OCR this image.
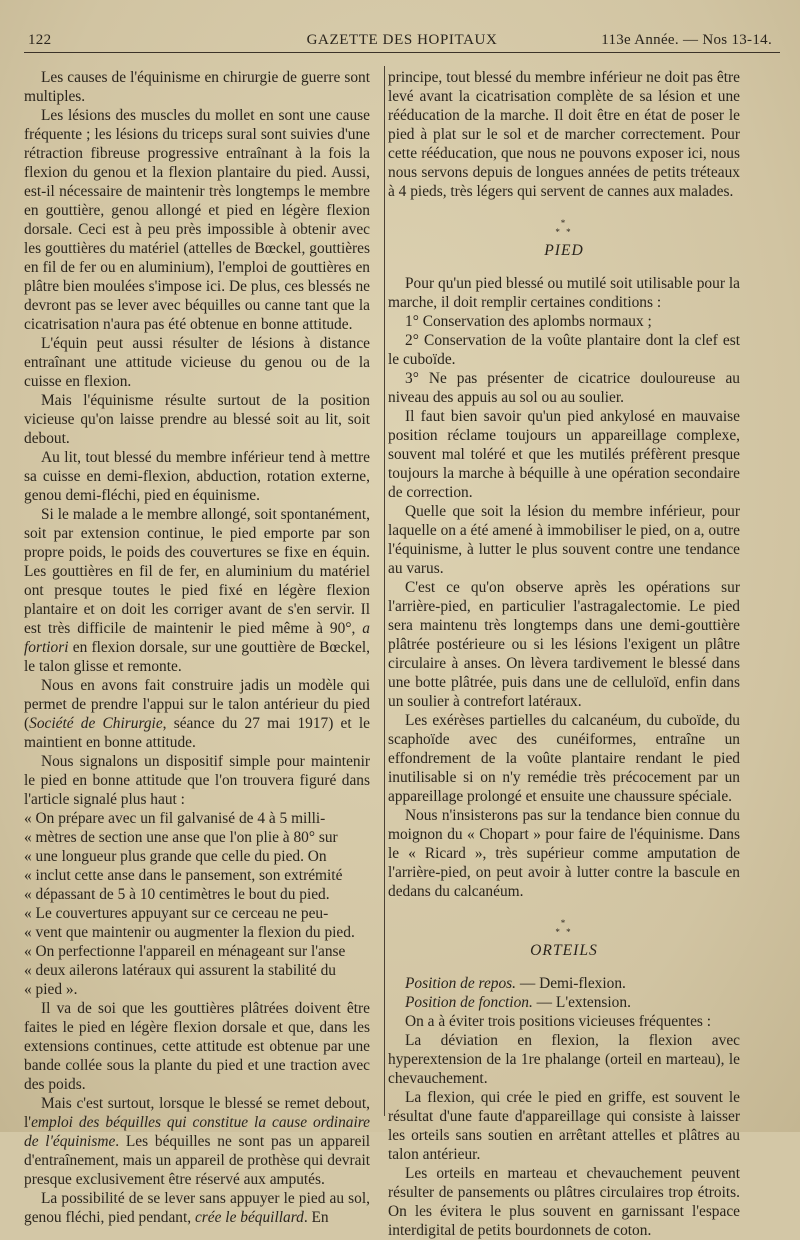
122	GAZETTE DES HOPITAUX	113e Année. — Nos 13-14.

Les causes de l'équinisme en chirurgie de guerre sont multiples.

Les lésions des muscles du mollet en sont une cause fréquente ; les lésions du triceps sural sont suivies d'une rétraction fibreuse progressive entraînant à la fois la flexion du genou et la flexion plantaire du pied. Aussi, est-il nécessaire de maintenir très longtemps le membre en gouttière, genou allongé et pied en légère flexion dorsale. Ceci est à peu près impossible à obtenir avec les gouttières du matériel (attelles de Bœckel, gouttières en fil de fer ou en aluminium), l'emploi de gouttières en plâtre bien moulées s'impose ici. De plus, ces blessés ne devront pas se lever avec béquilles ou canne tant que la cicatrisation n'aura pas été obtenue en bonne attitude.

L'équin peut aussi résulter de lésions à distance entraînant une attitude vicieuse du genou ou de la cuisse en flexion.

Mais l'équinisme résulte surtout de la position vicieuse qu'on laisse prendre au blessé soit au lit, soit debout.

Au lit, tout blessé du membre inférieur tend à mettre sa cuisse en demi-flexion, abduction, rotation externe, genou demi-fléchi, pied en équinisme.

Si le malade a le membre allongé, soit spontanément, soit par extension continue, le pied emporte par son propre poids, le poids des couvertures se fixe en équin. Les gouttières en fil de fer, en aluminium du matériel ont presque toutes le pied fixé en légère flexion plantaire et on doit les corriger avant de s'en servir. Il est très difficile de maintenir le pied même à 90°, a fortiori en flexion dorsale, sur une gouttière de Bœckel, le talon glisse et remonte.

Nous en avons fait construire jadis un modèle qui permet de prendre l'appui sur le talon antérieur du pied (Société de Chirurgie, séance du 27 mai 1917) et le maintient en bonne attitude.

Nous signalons un dispositif simple pour maintenir le pied en bonne attitude que l'on trouvera figuré dans l'article signalé plus haut :

« On prépare avec un fil galvanisé de 4 à 5 milli-

« mètres de section une anse que l'on plie à 80° sur

« une longueur plus grande que celle du pied. On

« inclut cette anse dans le pansement, son extrémité

« dépassant de 5 à 10 centimètres le bout du pied.

« Le couvertures appuyant sur ce cerceau ne peu-

« vent que maintenir ou augmenter la flexion du pied.

« On perfectionne l'appareil en ménageant sur l'anse

« deux ailerons latéraux qui assurent la stabilité du

« pied ».

Il va de soi que les gouttières plâtrées doivent être faites le pied en légère flexion dorsale et que, dans les extensions continues, cette attitude est obtenue par une bande collée sous la plante du pied et une traction avec des poids.

Mais c'est surtout, lorsque le blessé se remet debout, l'emploi des béquilles qui constitue la cause ordinaire de l'équinisme. Les béquilles ne sont pas un appareil d'entraînement, mais un appareil de prothèse qui devrait presque exclusivement être réservé aux amputés.

La possibilité de se lever sans appuyer le pied au sol, genou fléchi, pied pendant, crée le béquillard. En

principe, tout blessé du membre inférieur ne doit pas être levé avant la cicatrisation complète de sa lésion et une rééducation de la marche. Il doit être en état de poser le pied à plat sur le sol et de marcher correctement. Pour cette rééducation, que nous ne pouvons exposer ici, nous nous servons depuis de longues années de petits tréteaux à 4 pieds, très légers qui servent de cannes aux malades.

*
* *
PIED

Pour qu'un pied blessé ou mutilé soit utilisable pour la marche, il doit remplir certaines conditions :

1° Conservation des aplombs normaux ;

2° Conservation de la voûte plantaire dont la clef est le cuboïde.

3° Ne pas présenter de cicatrice douloureuse au niveau des appuis au sol ou au soulier.

Il faut bien savoir qu'un pied ankylosé en mauvaise position réclame toujours un appareillage complexe, souvent mal toléré et que les mutilés préfèrent presque toujours la marche à béquille à une opération secondaire de correction.

Quelle que soit la lésion du membre inférieur, pour laquelle on a été amené à immobiliser le pied, on a, outre l'équinisme, à lutter le plus souvent contre une tendance au varus.

C'est ce qu'on observe après les opérations sur l'arrière-pied, en particulier l'astragalectomie. Le pied sera maintenu très longtemps dans une demi-gouttière plâtrée postérieure ou si les lésions l'exigent un plâtre circulaire à anses. On lèvera tardivement le blessé dans une botte plâtrée, puis dans une de celluloïd, enfin dans un soulier à contrefort latéraux.

Les exérèses partielles du calcanéum, du cuboïde, du scaphoïde avec des cunéiformes, entraîne un effondrement de la voûte plantaire rendant le pied inutilisable si on n'y remédie très précocement par un appareillage prolongé et ensuite une chaussure spéciale.

Nous n'insisterons pas sur la tendance bien connue du moignon du « Chopart » pour faire de l'équinisme. Dans le « Ricard », très supérieur comme amputation de l'arrière-pied, on peut avoir à lutter contre la bascule en dedans du calcanéum.

*
* *
ORTEILS

Position de repos. — Demi-flexion.

Position de fonction. — L'extension.

On a à éviter trois positions vicieuses fréquentes :

La déviation en flexion, la flexion avec hyperextension de la 1re phalange (orteil en marteau), le chevauchement.

La flexion, qui crée le pied en griffe, est souvent le résultat d'une faute d'appareillage qui consiste à laisser les orteils sans soutien en arrêtant attelles et plâtres au talon antérieur.

Les orteils en marteau et chevauchement peuvent résulter de pansements ou plâtres circulaires trop étroits. On les évitera le plus souvent en garnissant l'espace interdigital de petits bourdonnets de coton.
